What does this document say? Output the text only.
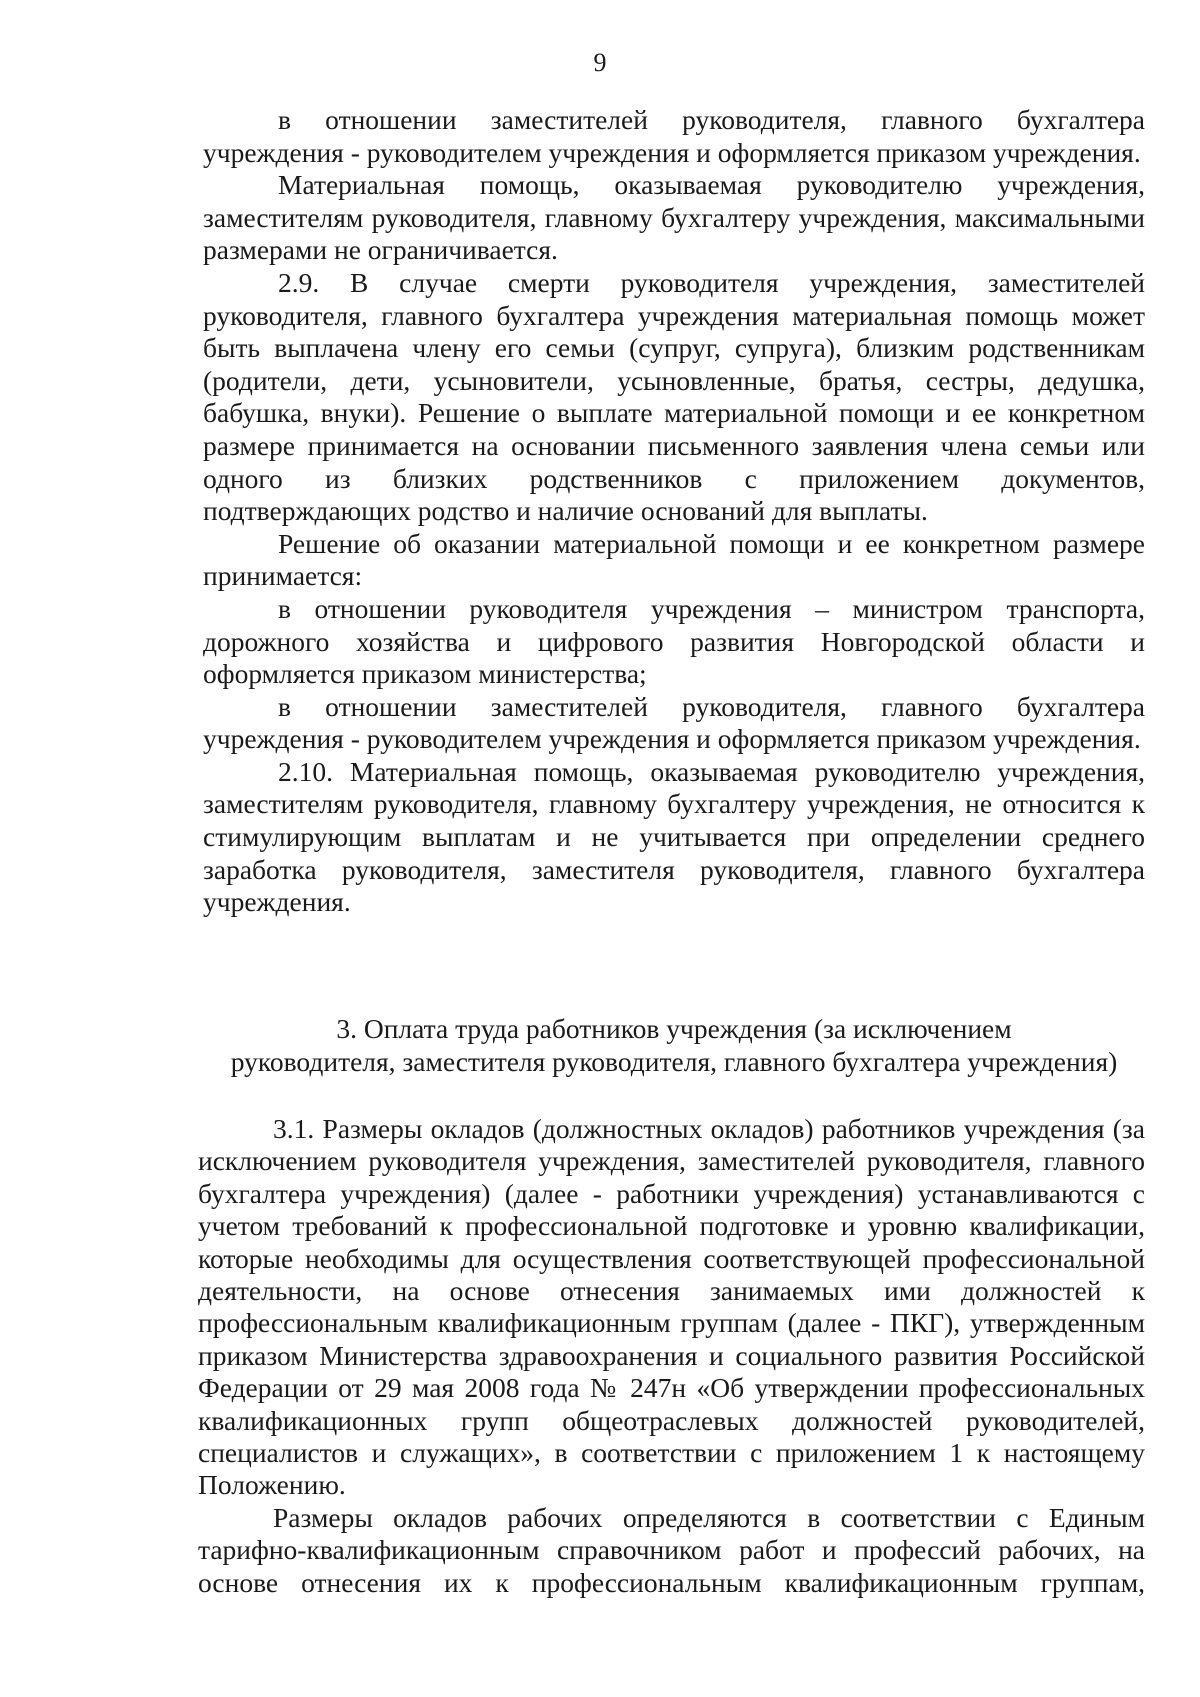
9

в отношении заместителей руководителя, главного бухгалтера учреждения - руководителем учреждения и оформляется приказом учреждения.

Материальная помощь, оказываемая руководителю учреждения, заместителям руководителя, главному бухгалтеру учреждения, максимальными размерами не ограничивается.

2.9. В случае смерти руководителя учреждения, заместителей руководителя, главного бухгалтера учреждения материальная помощь может быть выплачена члену его семьи (супруг, супруга), близким родственникам (родители, дети, усыновители, усыновленные, братья, сестры, дедушка, бабушка, внуки). Решение о выплате материальной помощи и ее конкретном размере принимается на основании письменного заявления члена семьи или одного из близких родственников с приложением документов, подтверждающих родство и наличие оснований для выплаты.

Решение об оказании материальной помощи и ее конкретном размере принимается:

в отношении руководителя учреждения – министром транспорта, дорожного хозяйства и цифрового развития Новгородской области и оформляется приказом министерства;

в отношении заместителей руководителя, главного бухгалтера учреждения - руководителем учреждения и оформляется приказом учреждения.

2.10. Материальная помощь, оказываемая руководителю учреждения, заместителям руководителя, главному бухгалтеру учреждения, не относится к стимулирующим выплатам и не учитывается при определении среднего заработка руководителя, заместителя руководителя, главного бухгалтера учреждения.

3. Оплата труда работников учреждения (за исключением

руководителя, заместителя руководителя, главного бухгалтера учреждения)

3.1. Размеры окладов (должностных окладов) работников учреждения (за исключением руководителя учреждения, заместителей руководителя, главного бухгалтера учреждения) (далее - работники учреждения) устанавливаются с учетом требований к профессиональной подготовке и уровню квалификации, которые необходимы для осуществления соответствующей профессиональной деятельности, на основе отнесения занимаемых ими должностей к профессиональным квалификационным группам (далее - ПКГ), утвержденным приказом Министерства здравоохранения и социального развития Российской Федерации от 29 мая 2008 года № 247н «Об утверждении профессиональных квалификационных групп общеотраслевых должностей руководителей, специалистов и служащих», в соответствии с приложением 1 к настоящему Положению.

Размеры окладов рабочих определяются в соответствии с Единым тарифно-квалификационным справочником работ и профессий рабочих, на основе отнесения их к профессиональным квалификационным группам,
